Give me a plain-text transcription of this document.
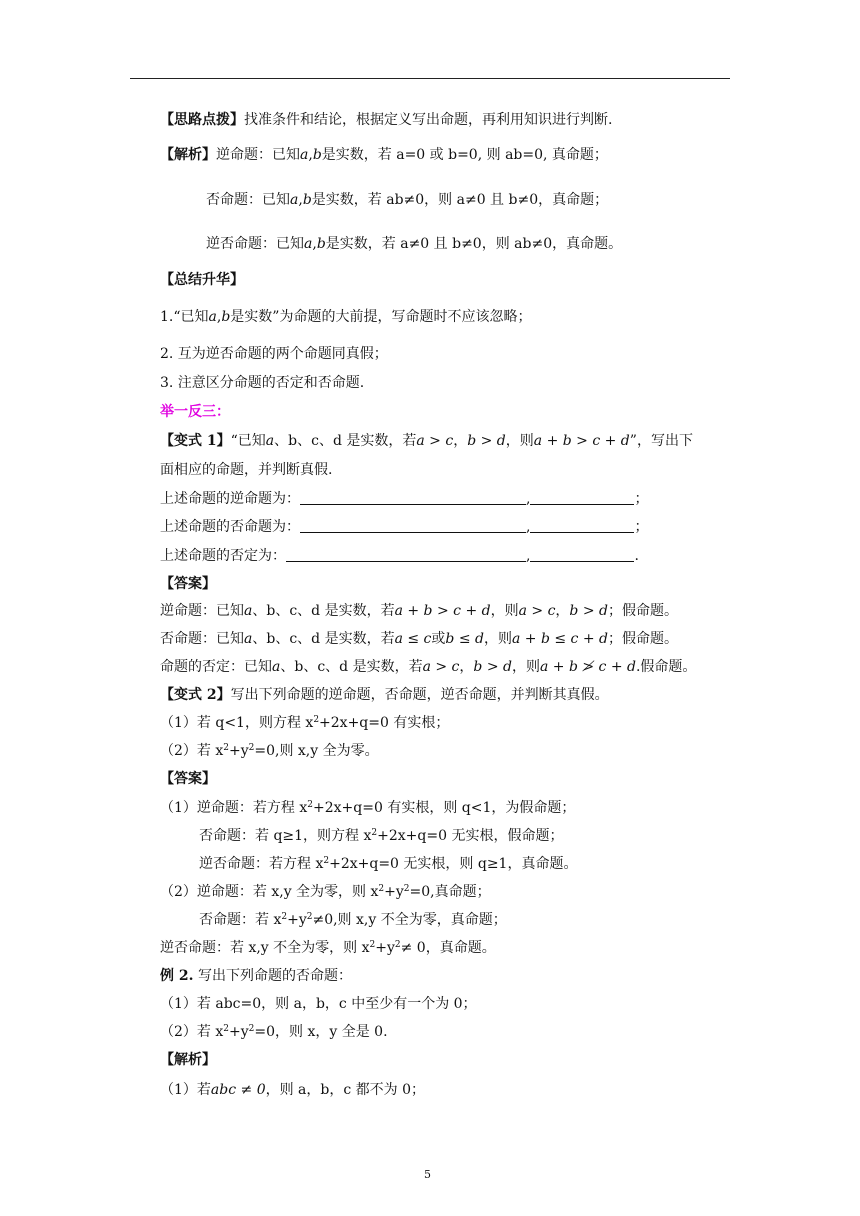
【思路点拨】找准条件和结论，根据定义写出命题，再利用知识进行判断.
【解析】逆命题：已知a,b是实数，若 a=0 或 b=0, 则 ab=0, 真命题；
否命题：已知a,b是实数，若 ab≠0，则 a≠0 且 b≠0，真命题；
逆否命题：已知a,b是实数，若 a≠0 且 b≠0，则 ab≠0，真命题。
【总结升华】
1.“已知a,b是实数”为命题的大前提，写命题时不应该忽略；
2. 互为逆否命题的两个命题同真假；
3. 注意区分命题的否定和否命题.
举一反三：
【变式 1】“已知a、b、c、d 是实数，若a > c，b > d，则a + b > c + d”，写出下
面相应的命题，并判断真假.
上述命题的逆命题为：	,	；
上述命题的否命题为：	,	；
上述命题的否定为：	,	.
【答案】
逆命题：已知a、b、c、d 是实数，若a + b > c + d，则a > c，b > d；假命题。
否命题：已知a、b、c、d 是实数，若a ≤ c或b ≤ d，则a + b ≤ c + d；假命题。
命题的否定：已知a、b、c、d 是实数，若a > c，b > d，则a + b ≯ c + d.假命题。
【变式 2】写出下列命题的逆命题，否命题，逆否命题，并判断其真假。
（1）若 q<1，则方程 $x^2+2x+q=0$ 有实根；
（2）若 $x^2+y^2=0$,则 x,y 全为零。
【答案】
（1）逆命题：若方程 $x^2+2x+q=0$ 有实根，则 q<1，为假命题；
否命题：若 q≥1，则方程 $x^2+2x+q=0$ 无实根，假命题；
逆否命题：若方程 $x^2+2x+q=0$ 无实根，则 q≥1，真命题。
（2）逆命题：若 x,y 全为零，则 $x^2+y^2=0$,真命题；
否命题：若 $x^2+y^2\ne 0$,则 x,y 不全为零，真命题；
逆否命题：若 x,y 不全为零，则 $x^2+y^2\ne 0$，真命题。
例 2. 写出下列命题的否命题：
（1）若 abc=0，则 a，b，c 中至少有一个为 0；
（2）若 $x^2+y^2=0$，则 x，y 全是 0.
【解析】
（1）若abc ≠ 0，则 a，b，c 都不为 0；
5
